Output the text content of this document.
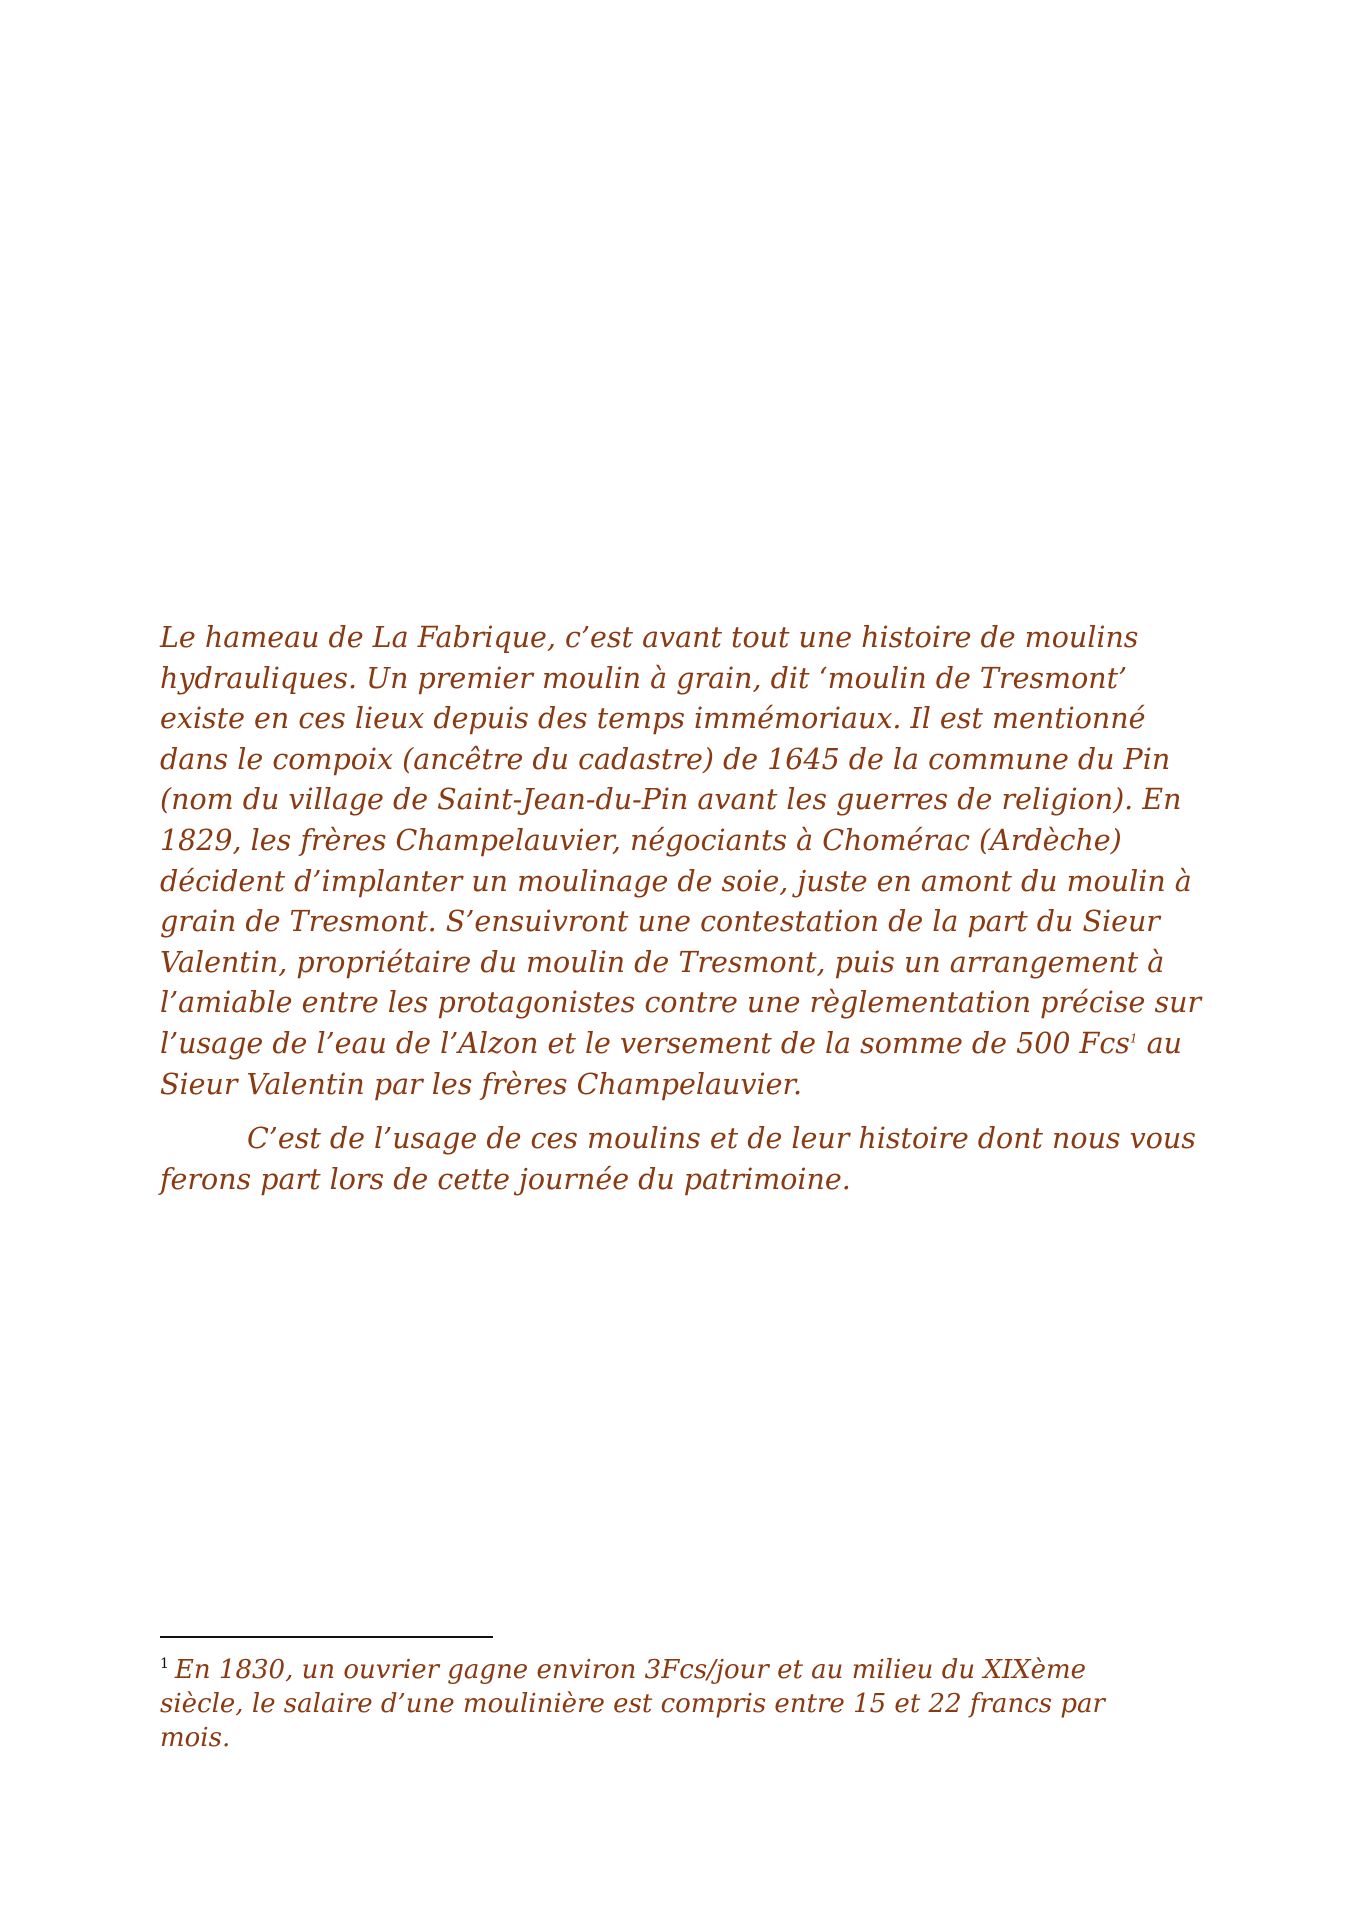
Le hameau de La Fabrique, c’est avant tout une histoire de moulins
hydrauliques. Un premier moulin à grain, dit ‘moulin de Tresmont’
existe en ces lieux depuis des temps immémoriaux. Il est mentionné
dans le compoix (ancêtre du cadastre) de 1645 de la commune du Pin
(nom du village de Saint-Jean-du-Pin avant les guerres de religion). En
1829, les frères Champelauvier, négociants à Chomérac (Ardèche)
décident d’implanter un moulinage de soie, juste en amont du moulin à
grain de Tresmont. S’ensuivront une contestation de la part du Sieur
Valentin, propriétaire du moulin de Tresmont, puis un arrangement à
l’amiable entre les protagonistes contre une règlementation précise sur
l’usage de l’eau de l’Alzon et le versement de la somme de 500 Fcs$^1$ au
Sieur Valentin par les frères Champelauvier.
C’est de l’usage de ces moulins et de leur histoire dont nous vous
ferons part lors de cette journée du patrimoine.
$^1$ En 1830, un ouvrier gagne environ 3Fcs/jour et au milieu du XIXème
siècle, le salaire d’une moulinière est compris entre 15 et 22 francs par
mois.
